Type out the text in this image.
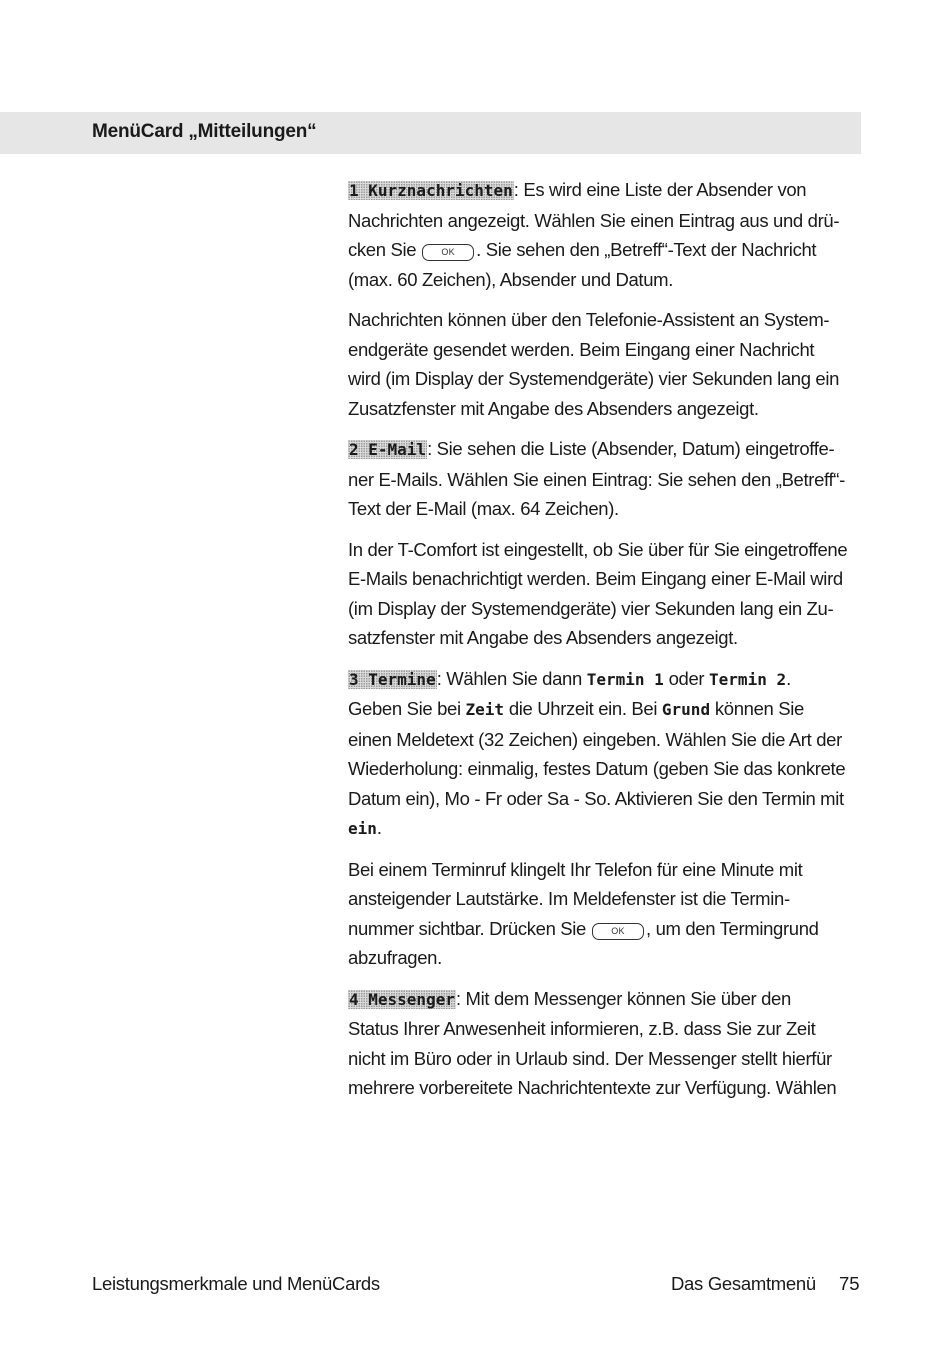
MenüCard „Mitteilungen“

1 Kurznachrichten: Es wird eine Liste der Absender von
Nachrichten angezeigt. Wählen Sie einen Eintrag aus und drü-
cken Sie	OK . Sie sehen den „Betreff“-Text der Nachricht
(max. 60 Zeichen), Absender und Datum.

Nachrichten können über den Telefonie-Assistent an System-
endgeräte gesendet werden. Beim Eingang einer Nachricht
wird (im Display der Systemendgeräte) vier Sekunden lang ein
Zusatzfenster mit Angabe des Absenders angezeigt.

2 E-Mail: Sie sehen die Liste (Absender, Datum) eingetroffe-
ner E-Mails. Wählen Sie einen Eintrag: Sie sehen den „Betreff“-
Text der E-Mail (max. 64 Zeichen).

In der T-Comfort ist eingestellt, ob Sie über für Sie eingetroffene
E-Mails benachrichtigt werden. Beim Eingang einer E-Mail wird
(im Display der Systemendgeräte) vier Sekunden lang ein Zu-
satzfenster mit Angabe des Absenders angezeigt.

3 Termine: Wählen Sie dann Termin 1 oder Termin 2.
Geben Sie bei Zeit die Uhrzeit ein. Bei Grund können Sie
einen Meldetext (32 Zeichen) eingeben. Wählen Sie die Art der
Wiederholung: einmalig, festes Datum (geben Sie das konkrete
Datum ein), Mo - Fr oder Sa - So. Aktivieren Sie den Termin mit
ein.

Bei einem Terminruf klingelt Ihr Telefon für eine Minute mit
ansteigender Lautstärke. Im Meldefenster ist die Termin-
nummer sichtbar. Drücken Sie	OK , um den Termingrund
abzufragen.

4 Messenger: Mit dem Messenger können Sie über den
Status Ihrer Anwesenheit informieren, z.B. dass Sie zur Zeit
nicht im Büro oder in Urlaub sind. Der Messenger stellt hierfür
mehrere vorbereitete Nachrichtentexte zur Verfügung. Wählen

Leistungsmerkmale und MenüCards	Das Gesamtmenü 75
